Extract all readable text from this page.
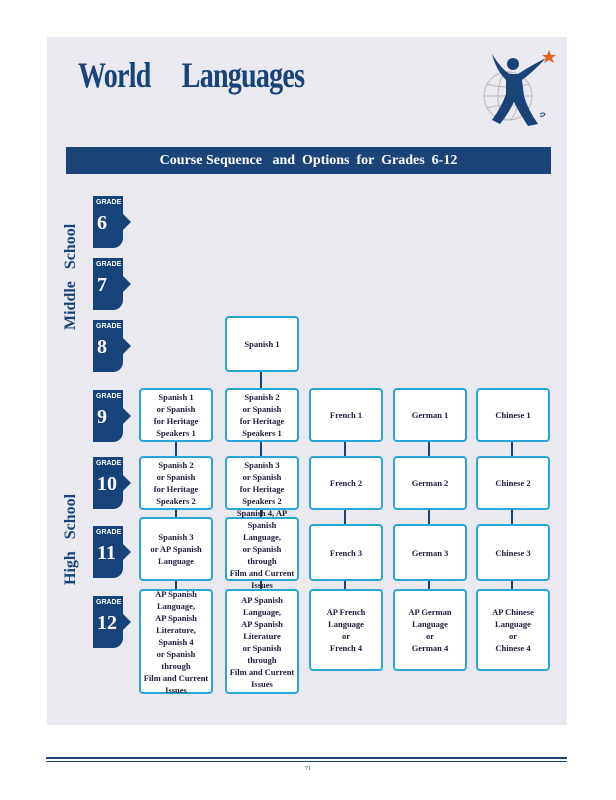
World     Languages
Course Sequence   and  Options  for  Grades  6-12
Middle   School
High   School
GRADE
6
GRADE
7
GRADE
8
GRADE
9
GRADE
10
GRADE
11
GRADE
12
Spanish 1
or Spanish
for Heritage
Speakers 1
Spanish 2
or Spanish
for Heritage
Speakers 2
Spanish 3
or AP Spanish
Language
AP Spanish
Language,
AP Spanish
Literature,
Spanish 4
or Spanish through
Film and Current
Issues
Spanish 1
Spanish 2
or Spanish
for Heritage
Speakers 1
Spanish 3
or Spanish
for Heritage
Speakers 2

Spanish Language,
or Spanish through
Film and Current

AP Spanish
Language,
AP Spanish
Literature
or Spanish through
Film and Current
Issues
French 1
French 2
French 3
AP French
Language
or
French 4
German 1
German 2
German 3
AP German
Language
or
German 4
Chinese 1
Chinese 2
Chinese 3
AP Chinese
Language
or
Chinese 4
71
